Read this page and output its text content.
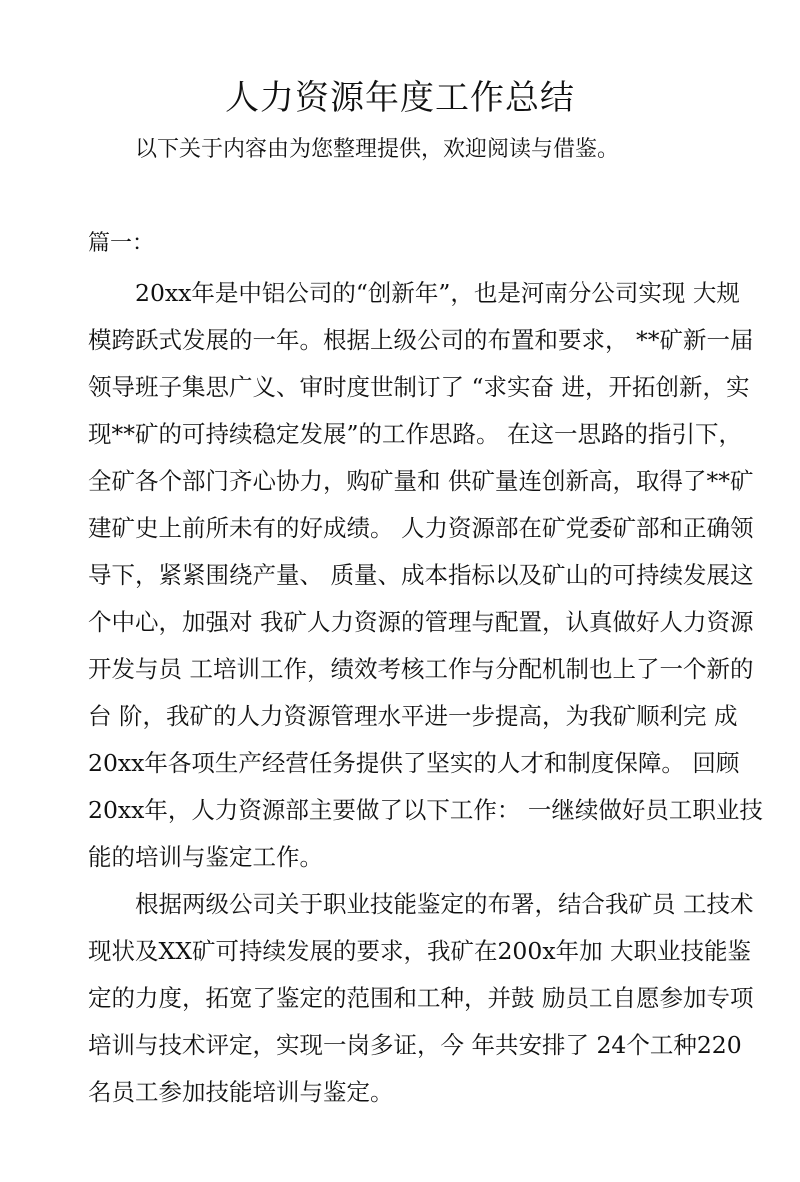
人力资源年度工作总结

以下关于内容由为您整理提供，欢迎阅读与借鉴。

篇一：

20xx年是中铝公司的“创新年”，也是河南分公司实现 大规

模跨跃式发展的一年。根据上级公司的布置和要求， **矿新一届

领导班子集思广义、审时度世制订了 “求实奋 进，开拓创新，实

现**矿的可持续稳定发展”的工作思路。 在这一思路的指引下，

全矿各个部门齐心协力，购矿量和 供矿量连创新高，取得了**矿

建矿史上前所未有的好成绩。 人力资源部在矿党委矿部和正确领

导下，紧紧围绕产量、 质量、成本指标以及矿山的可持续发展这

个中心，加强对 我矿人力资源的管理与配置，认真做好人力资源

开发与员 工培训工作，绩效考核工作与分配机制也上了一个新的

台 阶，我矿的人力资源管理水平进一步提高，为我矿顺利完 成

20xx年各项生产经营任务提供了坚实的人才和制度保障。 回顾

20xx年，人力资源部主要做了以下工作： 一继续做好员工职业技

能的培训与鉴定工作。

根据两级公司关于职业技能鉴定的布署，结合我矿员 工技术

现状及XX矿可持续发展的要求，我矿在200x年加 大职业技能鉴

定的力度，拓宽了鉴定的范围和工种，并鼓 励员工自愿参加专项

培训与技术评定，实现一岗多证，今 年共安排了 24个工种220

名员工参加技能培训与鉴定。
